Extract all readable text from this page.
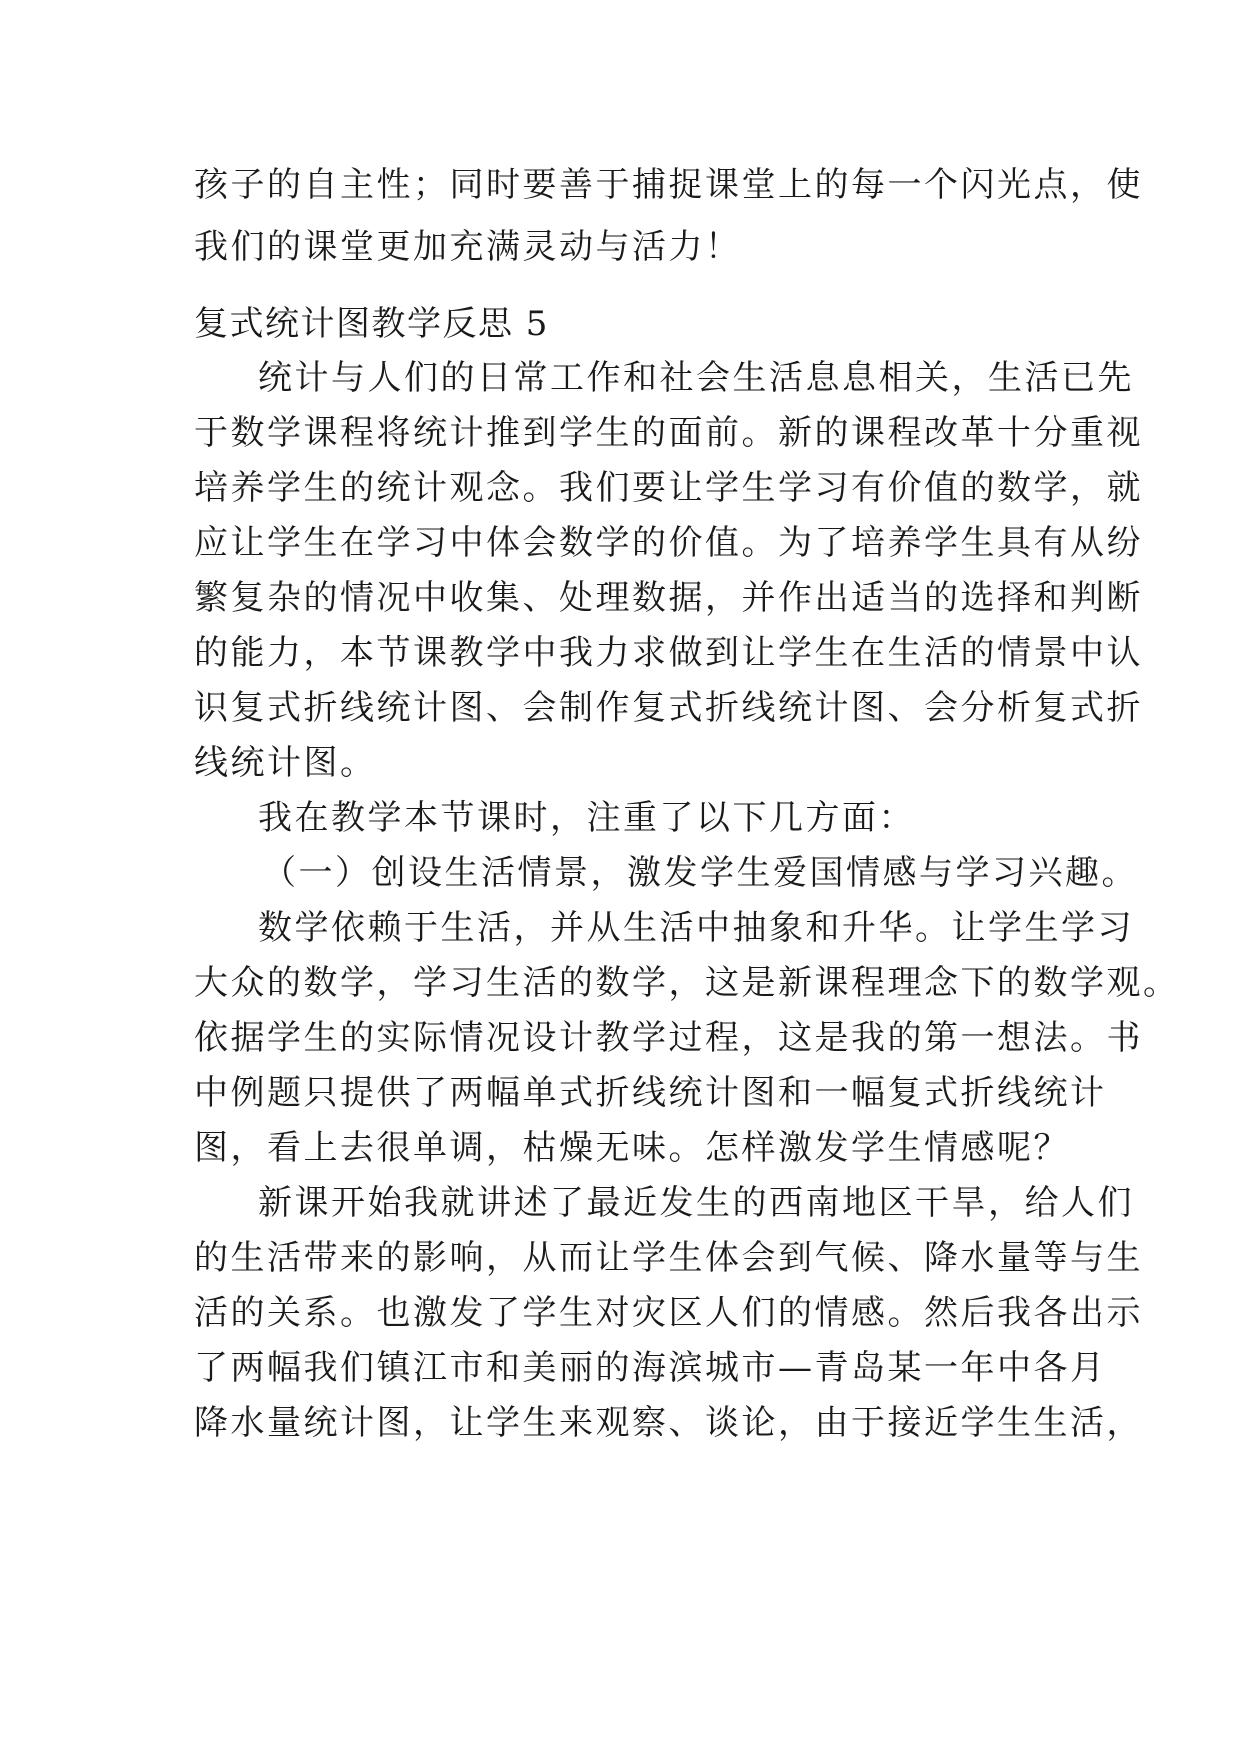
孩子的自主性；同时要善于捕捉课堂上的每一个闪光点，使
我们的课堂更加充满灵动与活力！
复式统计图教学反思 5
统计与人们的日常工作和社会生活息息相关，生活已先
于数学课程将统计推到学生的面前。新的课程改革十分重视
培养学生的统计观念。我们要让学生学习有价值的数学，就
应让学生在学习中体会数学的价值。为了培养学生具有从纷
繁复杂的情况中收集、处理数据，并作出适当的选择和判断
的能力，本节课教学中我力求做到让学生在生活的情景中认
识复式折线统计图、会制作复式折线统计图、会分析复式折
线统计图。
我在教学本节课时，注重了以下几方面：
（一）创设生活情景，激发学生爱国情感与学习兴趣。
数学依赖于生活，并从生活中抽象和升华。让学生学习
大众的数学，学习生活的数学，这是新课程理念下的数学观。
依据学生的实际情况设计教学过程，这是我的第一想法。书
中例题只提供了两幅单式折线统计图和一幅复式折线统计
图，看上去很单调，枯燥无味。怎样激发学生情感呢？
新课开始我就讲述了最近发生的西南地区干旱，给人们
的生活带来的影响，从而让学生体会到气候、降水量等与生
活的关系。也激发了学生对灾区人们的情感。然后我各出示
了两幅我们镇江市和美丽的海滨城市—青岛某一年中各月
降水量统计图，让学生来观察、谈论，由于接近学生生活，
